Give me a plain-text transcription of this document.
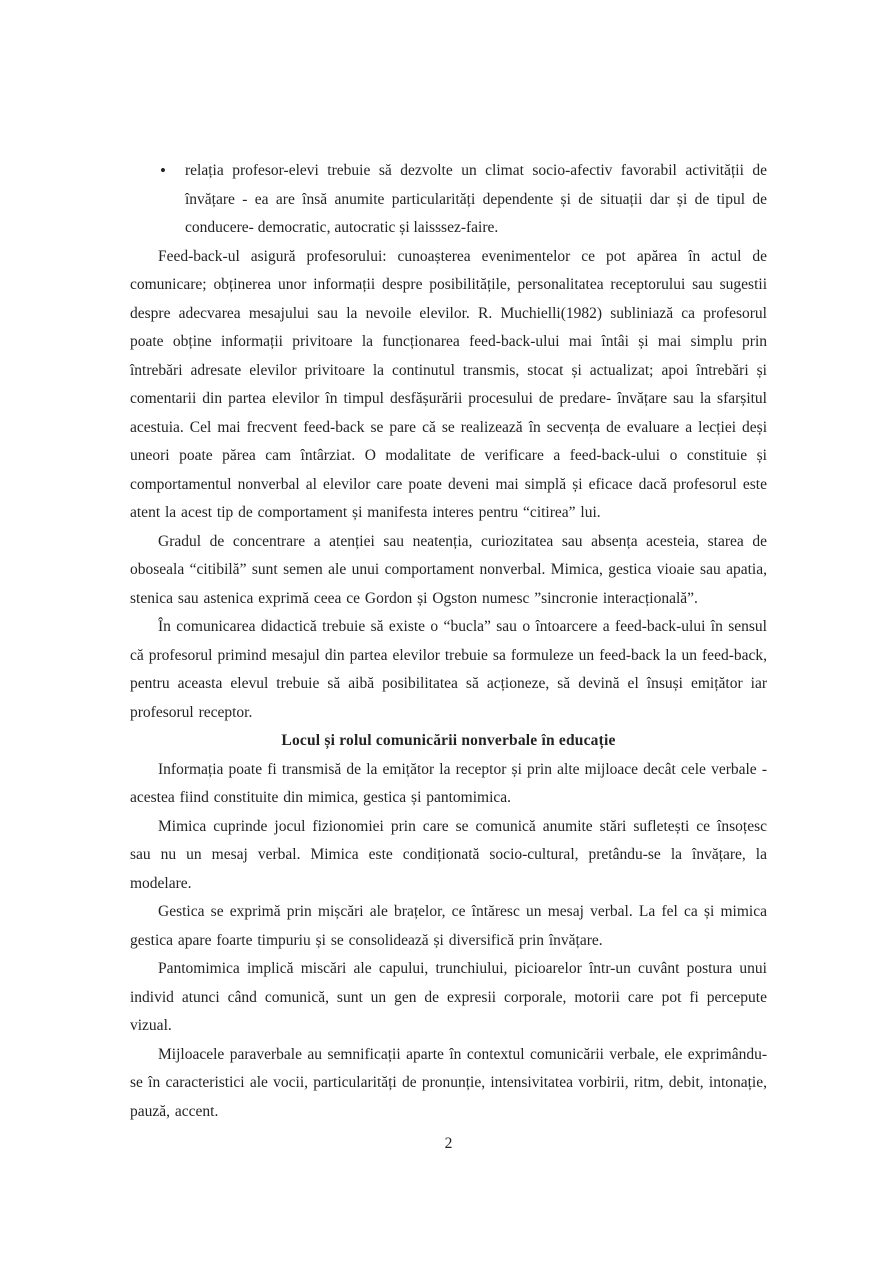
• relația profesor-elevi trebuie să dezvolte un climat socio-afectiv favorabil activității de învățare - ea are însă anumite particularități dependente și de situații dar și de tipul de conducere- democratic, autocratic și laisssez-faire.

Feed-back-ul asigură profesorului: cunoașterea evenimentelor ce pot apărea în actul de comunicare; obținerea unor informații despre posibilitățile, personalitatea receptorului sau sugestii despre adecvarea mesajului sau la nevoile elevilor. R. Muchielli(1982) subliniază ca profesorul poate obține informații privitoare la funcționarea feed-back-ului mai întâi și mai simplu prin întrebări adresate elevilor privitoare la continutul transmis, stocat și actualizat; apoi întrebări și comentarii din partea elevilor în timpul desfășurării procesului de predare- învățare sau la sfarșitul acestuia. Cel mai frecvent feed-back se pare că se realizează în secvența de evaluare a lecției deși uneori poate părea cam întârziat. O modalitate de verificare a feed-back-ului o constituie și comportamentul nonverbal al elevilor care poate deveni mai simplă și eficace dacă profesorul este atent la acest tip de comportament și manifesta interes pentru “citirea” lui.

Gradul de concentrare a atenției sau neatenția, curiozitatea sau absența acesteia, starea de oboseala “citibilă” sunt semen ale unui comportament nonverbal. Mimica, gestica vioaie sau apatia, stenica sau astenica exprimă ceea ce Gordon și Ogston numesc ”sincronie interacțională”.

În comunicarea didactică trebuie să existe o “bucla” sau o întoarcere a feed-back-ului în sensul că profesorul primind mesajul din partea elevilor trebuie sa formuleze un feed-back la un feed-back, pentru aceasta elevul trebuie să aibă posibilitatea să acționeze, să devină el însuși emițător iar profesorul receptor.

Locul și rolul comunicării nonverbale în educație

Informația poate fi transmisă de la emițător la receptor și prin alte mijloace decât cele verbale - acestea fiind constituite din mimica, gestica și pantomimica.

Mimica cuprinde jocul fizionomiei prin care se comunică anumite stări sufletești ce însoțesc sau nu un mesaj verbal. Mimica este condiționată socio-cultural, pretându-se la învățare, la modelare.

Gestica se exprimă prin mișcări ale brațelor, ce întăresc un mesaj verbal. La fel ca și mimica gestica apare foarte timpuriu și se consolidează și diversifică prin învățare.

Pantomimica implică miscări ale capului, trunchiului, picioarelor într-un cuvânt postura unui individ atunci când comunică, sunt un gen de expresii corporale, motorii care pot fi percepute vizual.

Mijloacele paraverbale au semnificații aparte în contextul comunicării verbale, ele exprimându-se în caracteristici ale vocii, particularități de pronunție, intensivitatea vorbirii, ritm, debit, intonație, pauză, accent.

2
